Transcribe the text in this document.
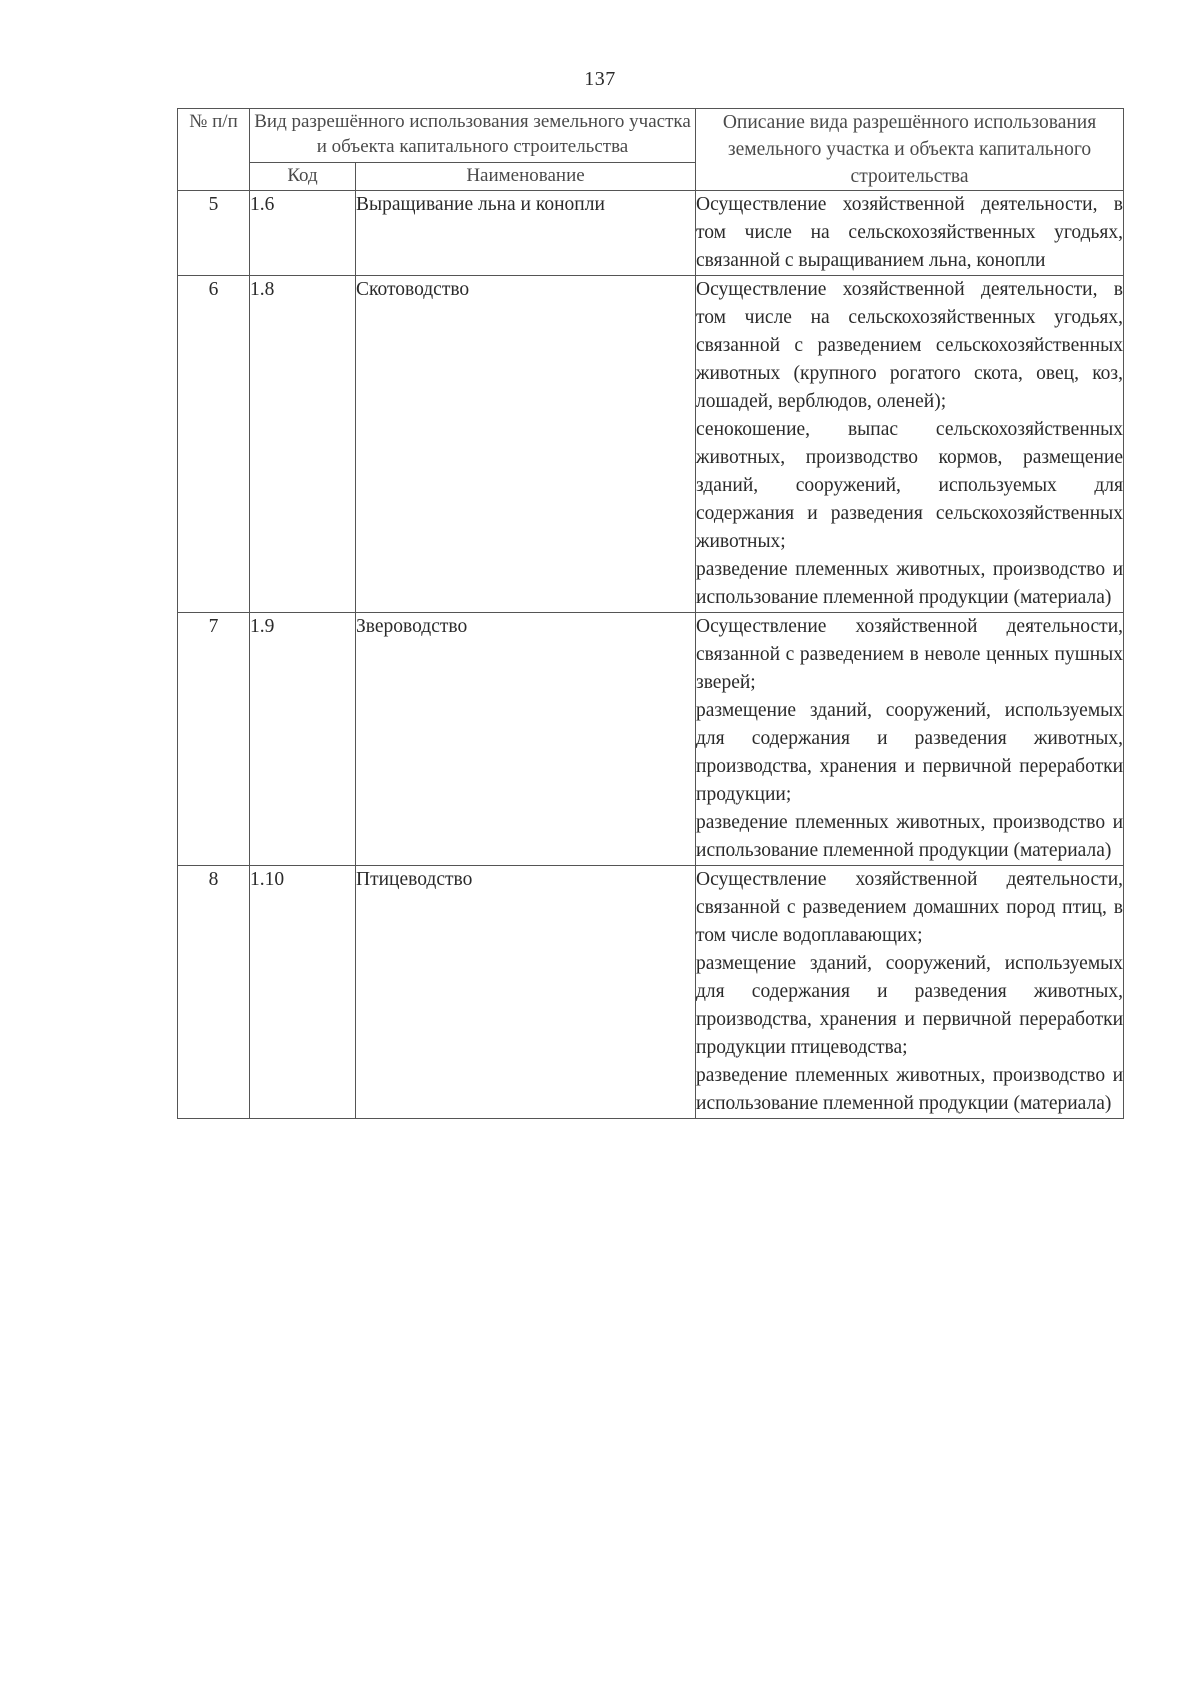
137
№ п/п	Вид разрешённого использования земельного участка и объекта капитального строительства		Описание вида разрешённого использования земельного участка и объекта капитального строительства
	Код	Наименование	
5	1.6	Выращивание льна и конопли	Осуществление хозяйственной деятельности, в том числе на сельскохозяйственных угодьях, связанной с выращиванием льна, конопли

6	1.8	Скотоводство	Осуществление хозяйственной деятельности, в том числе на сельскохозяйственных угодьях, связанной с разведением сельскохозяйственных животных (крупного рогатого скота, овец, коз, лошадей, верблюдов, оленей);
сенокошение, выпас сельскохозяйственных животных, производство кормов, размещение зданий, сооружений, используемых для содержания и разведения сельскохозяйственных животных;
разведение племенных животных, производство и использование племенной продукции (материала)

7	1.9	Звероводство	Осуществление хозяйственной деятельности, связанной с разведением в неволе ценных пушных зверей;
размещение зданий, сооружений, используемых для содержания и разведения животных, производства, хранения и первичной переработки продукции;
разведение племенных животных, производство и использование племенной продукции (материала)

8	1.10	Птицеводство	Осуществление хозяйственной деятельности, связанной с разведением домашних пород птиц, в том числе водоплавающих;
размещение зданий, сооружений, используемых для содержания и разведения животных, производства, хранения и первичной переработки продукции птицеводства;
разведение племенных животных, производство и использование племенной продукции (материала)
